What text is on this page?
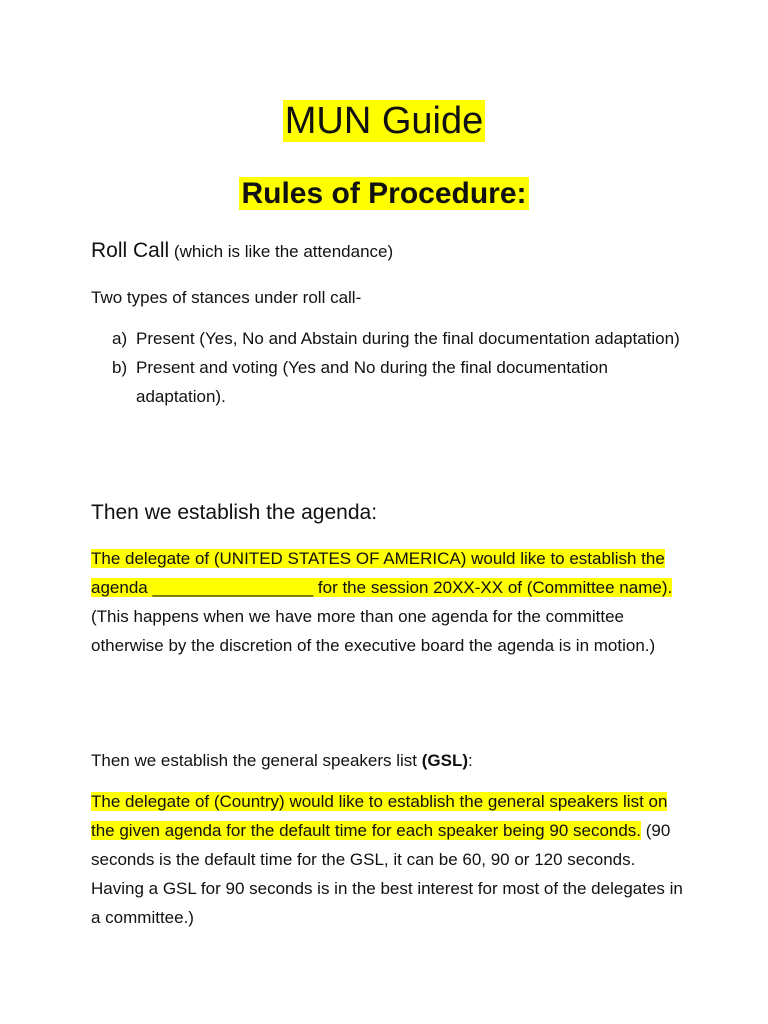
MUN Guide
Rules of Procedure:
Roll Call (which is like the attendance)
Two types of stances under roll call-
a) Present (Yes, No and Abstain during the final documentation adaptation)
b) Present and voting (Yes and No during the final documentation adaptation).
Then we establish the agenda:
The delegate of (UNITED STATES OF AMERICA) would like to establish the agenda _________________ for the session 20XX-XX of (Committee name). (This happens when we have more than one agenda for the committee otherwise by the discretion of the executive board the agenda is in motion.)
Then we establish the general speakers list (GSL):
The delegate of (Country) would like to establish the general speakers list on the given agenda for the default time for each speaker being 90 seconds. (90 seconds is the default time for the GSL, it can be 60, 90 or 120 seconds. Having a GSL for 90 seconds is in the best interest for most of the delegates in a committee.)
